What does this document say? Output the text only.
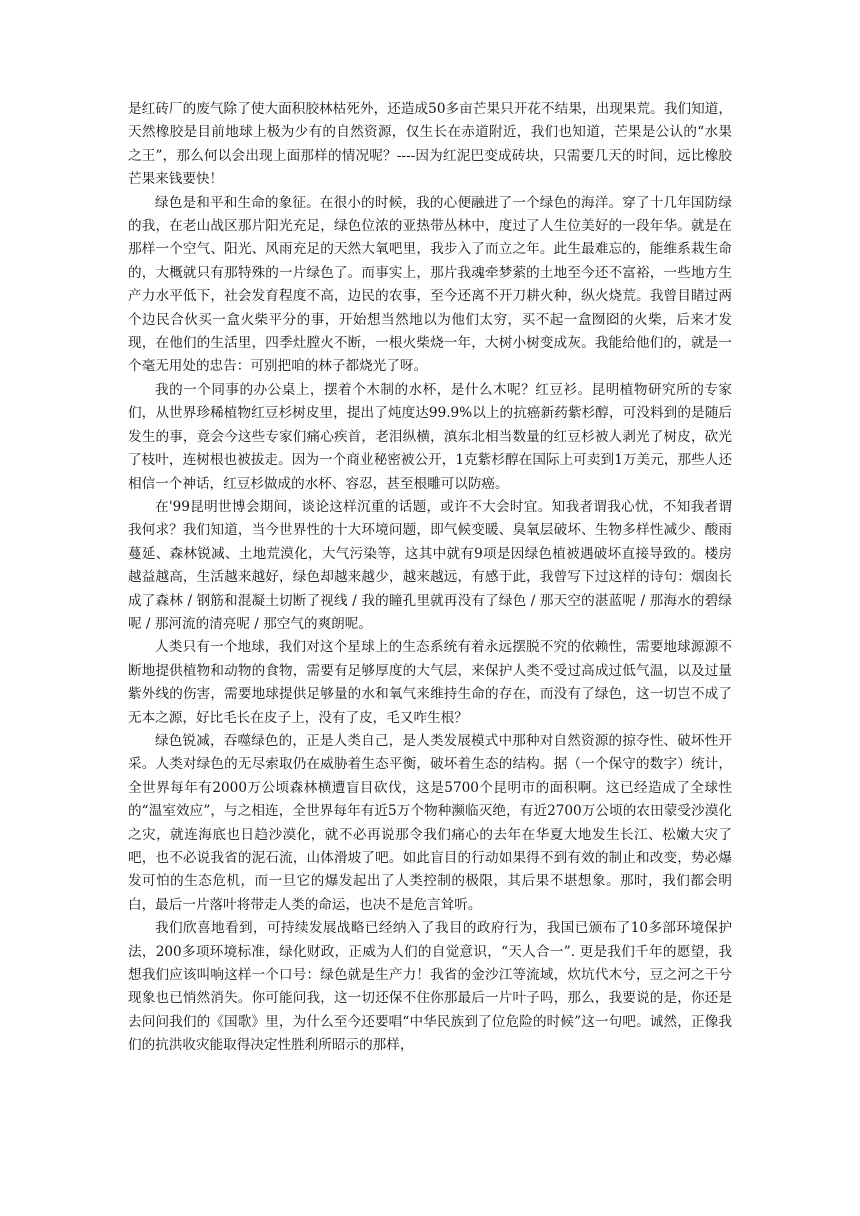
是红砖厂的废气除了使大面积胶林枯死外，还造成50多亩芒果只开花不结果，出现果荒。我们知道，天然橡胶是目前地球上极为少有的自然资源，仅生长在赤道附近，我们也知道，芒果是公认的“水果之王”，那么何以会出现上面那样的情况呢？----因为红泥巴变成砖块，只需要几天的时间，远比橡胶芒果来钱要快！

绿色是和平和生命的象征。在很小的时候，我的心便融进了一个绿色的海洋。穿了十几年国防绿的我，在老山战区那片阳光充足，绿色位浓的亚热带丛林中，度过了人生位美好的一段年华。就是在那样一个空气、阳光、风雨充足的天然大氧吧里，我步入了而立之年。此生最难忘的，能维系栽生命的，大概就只有那特殊的一片绿色了。而事实上，那片我魂牵梦萦的土地至今还不富裕，一些地方生产力水平低下，社会发育程度不高，边民的农事，至今还离不开刀耕火种，纵火烧荒。我曾目睹过两个边民合伙买一盒火柴平分的事，开始想当然地以为他们太穷，买不起一盒囫囵的火柴，后来才发现，在他们的生活里，四季灶膛火不断，一根火柴烧一年，大树小树变成灰。我能给他们的，就是一个毫无用处的忠告：可别把咱的林子都烧光了呀。

我的一个同事的办公桌上，摆着个木制的水杯，是什么木呢？红豆衫。昆明植物研究所的专家们，从世界珍稀植物红豆杉树皮里，提出了炖度达99.9%以上的抗癌新药紫杉醇，可没料到的是随后发生的事，竟会今这些专家们痛心疾首，老泪纵横，滇东北相当数量的红豆杉被人剥光了树皮，砍光了枝叶，连树根也被拔走。因为一个商业秘密被公开，1克紫杉醇在国际上可卖到1万美元，那些人还相信一个神话，红豆杉做成的水杯、容忍，甚至根雕可以防癌。

在'99昆明世博会期间，谈论这样沉重的话题，或许不大会时宜。知我者谓我心忧，不知我者谓我何求？我们知道，当今世界性的十大环境问题，即气候变暖、臭氧层破坏、生物多样性减少、酸雨蔓延、森林锐减、土地荒漠化，大气污染等，这其中就有9项是因绿色植被遇破坏直接导致的。楼房越益越高，生活越来越好，绿色却越来越少，越来越远，有感于此，我曾写下过这样的诗句：烟囱长成了森林 / 钢筋和混凝土切断了视线 / 我的瞳孔里就再没有了绿色 / 那天空的湛蓝呢 / 那海水的碧绿呢 / 那河流的清亮呢 / 那空气的爽朗呢。

人类只有一个地球，我们对这个星球上的生态系统有着永远摆脱不究的依赖性，需要地球源源不断地提供植物和动物的食物，需要有足够厚度的大气层，来保护人类不受过高成过低气温，以及过量紫外线的伤害，需要地球提供足够量的水和氧气来维持生命的存在，而没有了绿色，这一切岂不成了无本之源，好比毛长在皮子上，没有了皮，毛又咋生根？

绿色锐减，吞噬绿色的，正是人类自己，是人类发展模式中那种对自然资源的掠夺性、破坏性开采。人类对绿色的无尽索取仍在威胁着生态平衡，破坏着生态的结构。据（一个保守的数字）统计，全世界每年有2000万公顷森林横遭盲目砍伐，这是5700个昆明市的面积啊。这已经造成了全球性的“温室效应”，与之相连，全世界每年有近5万个物种濒临灭绝，有近2700万公顷的农田蒙受沙漠化之灾，就连海底也日趋沙漠化，就不必再说那令我们痛心的去年在华夏大地发生长江、松嫩大灾了吧，也不必说我省的泥石流，山体滑坡了吧。如此盲目的行动如果得不到有效的制止和改变，势必爆发可怕的生态危机，而一旦它的爆发起出了人类控制的极限，其后果不堪想象。那时，我们都会明白，最后一片落叶将带走人类的命运，也决不是危言耸听。

我们欣喜地看到，可持续发展战略已经纳入了我目的政府行为，我国已颁布了10多部环境保护法，200多项环境标准，绿化财政，正威为人们的自觉意识，“天人合一”. 更是我们千年的愿望，我想我们应该叫响这样一个口号：绿色就是生产力！我省的金沙江等流域，炊坑代木兮，豆之河之干兮现象也已悄然消失。你可能问我，这一切还保不住你那最后一片叶子吗，那么，我要说的是，你还是去问问我们的《国歌》里，为什么至今还要唱“中华民族到了位危险的时候”这一句吧。诚然，正像我们的抗洪收灾能取得决定性胜利所昭示的那样，
